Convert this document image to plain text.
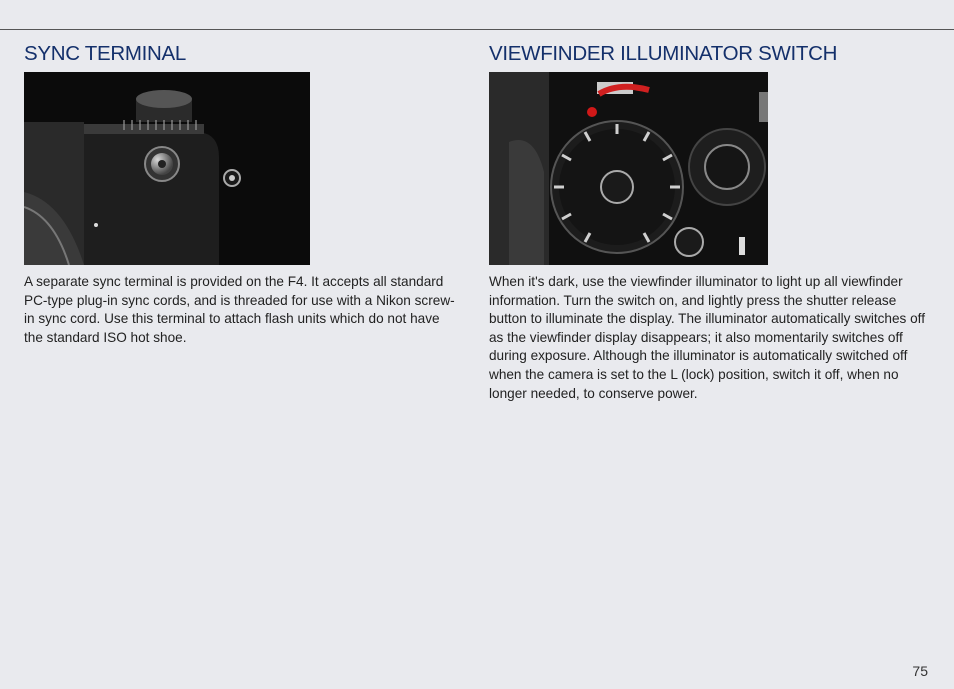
SYNC TERMINAL

A separate sync terminal is provided on the F4. It accepts all standard PC-type plug-in sync cords, and is threaded for use with a Nikon screw-in sync cord. Use this terminal to attach flash units which do not have the standard ISO hot shoe.

VIEWFINDER ILLUMINATOR SWITCH

When it's dark, use the viewfinder illuminator to light up all viewfinder information. Turn the switch on, and lightly press the shutter release button to illuminate the display. The illuminator automatically switches off as the viewfinder display disappears; it also momentarily switches off during exposure. Although the illuminator is automatically switched off when the camera is set to the L (lock) position, switch it off, when no longer needed, to conserve power.

75
